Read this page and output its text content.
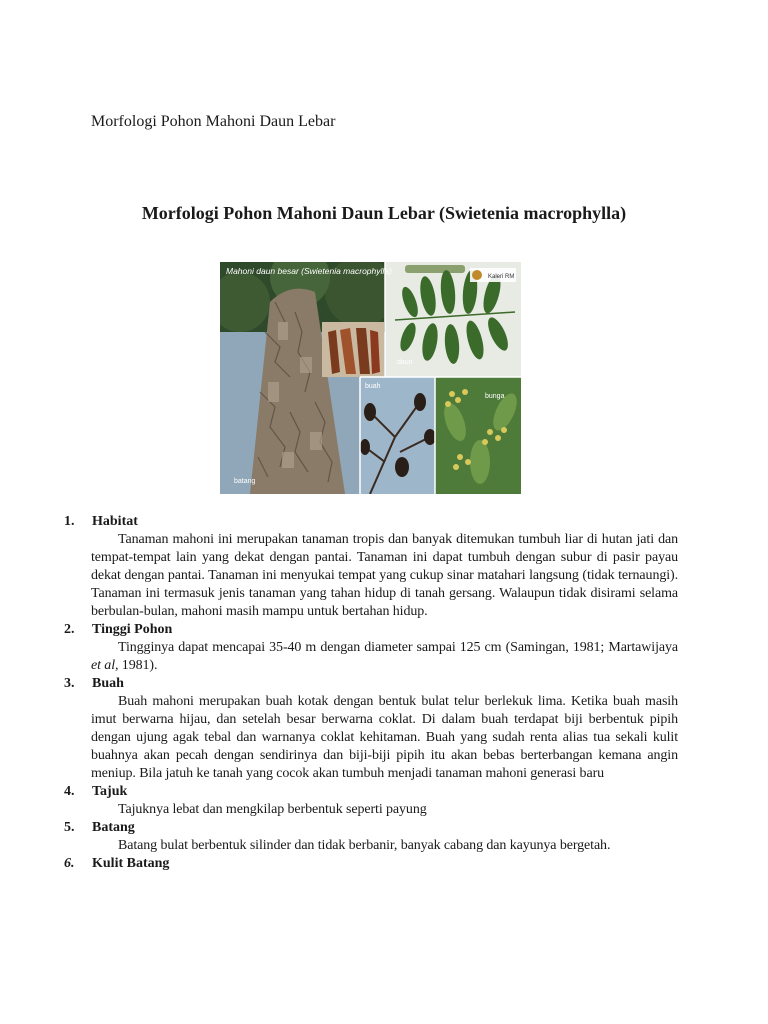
Morfologi Pohon Mahoni Daun Lebar
Morfologi Pohon Mahoni Daun Lebar (Swietenia macrophylla)
Mahoni daun besar (Swietenia macrophylla)
Kaleri RM
daun
buah
bunga
batang
1.	Habitat
Tanaman mahoni ini merupakan tanaman tropis dan banyak ditemukan tumbuh liar di hutan jati dan tempat-tempat lain yang dekat dengan pantai. Tanaman ini dapat tumbuh dengan subur di pasir payau dekat dengan pantai. Tanaman ini menyukai tempat yang cukup sinar matahari langsung (tidak ternaungi). Tanaman ini termasuk jenis tanaman yang tahan hidup di tanah gersang. Walaupun tidak disirami selama berbulan-bulan, mahoni masih mampu untuk bertahan hidup.
2.	Tinggi Pohon
Tingginya dapat mencapai 35-40 m dengan diameter sampai 125 cm (Samingan, 1981; Martawijaya et al, 1981).
3.	Buah
Buah mahoni merupakan buah kotak dengan bentuk bulat telur berlekuk lima. Ketika buah masih imut berwarna hijau, dan setelah besar berwarna coklat. Di dalam buah terdapat biji berbentuk pipih dengan ujung agak tebal dan warnanya coklat kehitaman. Buah yang sudah renta alias tua sekali kulit buahnya akan pecah dengan sendirinya dan biji-biji pipih itu akan bebas berterbangan kemana angin meniup. Bila jatuh ke tanah yang cocok akan tumbuh menjadi tanaman mahoni generasi baru
4.	Tajuk
Tajuknya lebat dan mengkilap berbentuk seperti payung
5.	Batang
Batang bulat berbentuk silinder dan tidak berbanir, banyak cabang dan kayunya bergetah.
6.	Kulit Batang
